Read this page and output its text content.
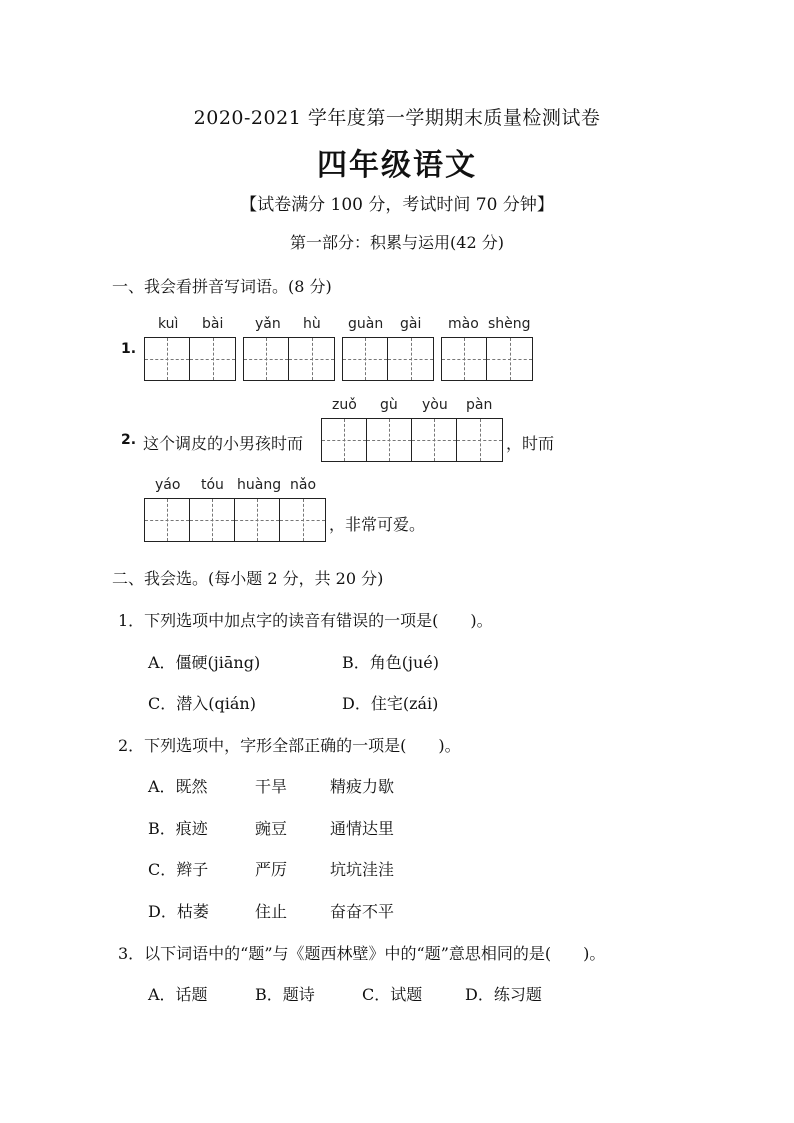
2020-2021 学年度第一学期期末质量检测试卷
四年级语文
【试卷满分 100 分，考试时间 70 分钟】
第一部分：积累与运用(42 分)
一、我会看拼音写词语。(8 分)
kuì bài yǎn hù guàn gài mào shèng
1.
zuǒ gù yòu pàn
2. 这个调皮的小男孩时而	，时而
yáo tóu huàng nǎo
，非常可爱。
二、我会选。(每小题 2 分，共 20 分)
1．下列选项中加点字的读音有错误的一项是(　　)。
A．僵硬(jiāng)	B．角色(jué)
C．潜入(qián)	D．住宅(zái)
2．下列选项中，字形全部正确的一项是(　　)。
A．既然	干旱	精疲力歇
B．痕迹	豌豆	通情达里
C．辫子	严厉	坑坑洼洼
D．枯萎	住止	奋奋不平
3．以下词语中的“题”与《题西林壁》中的“题”意思相同的是(　　)。
A．话题	B．题诗	C．试题	D．练习题
